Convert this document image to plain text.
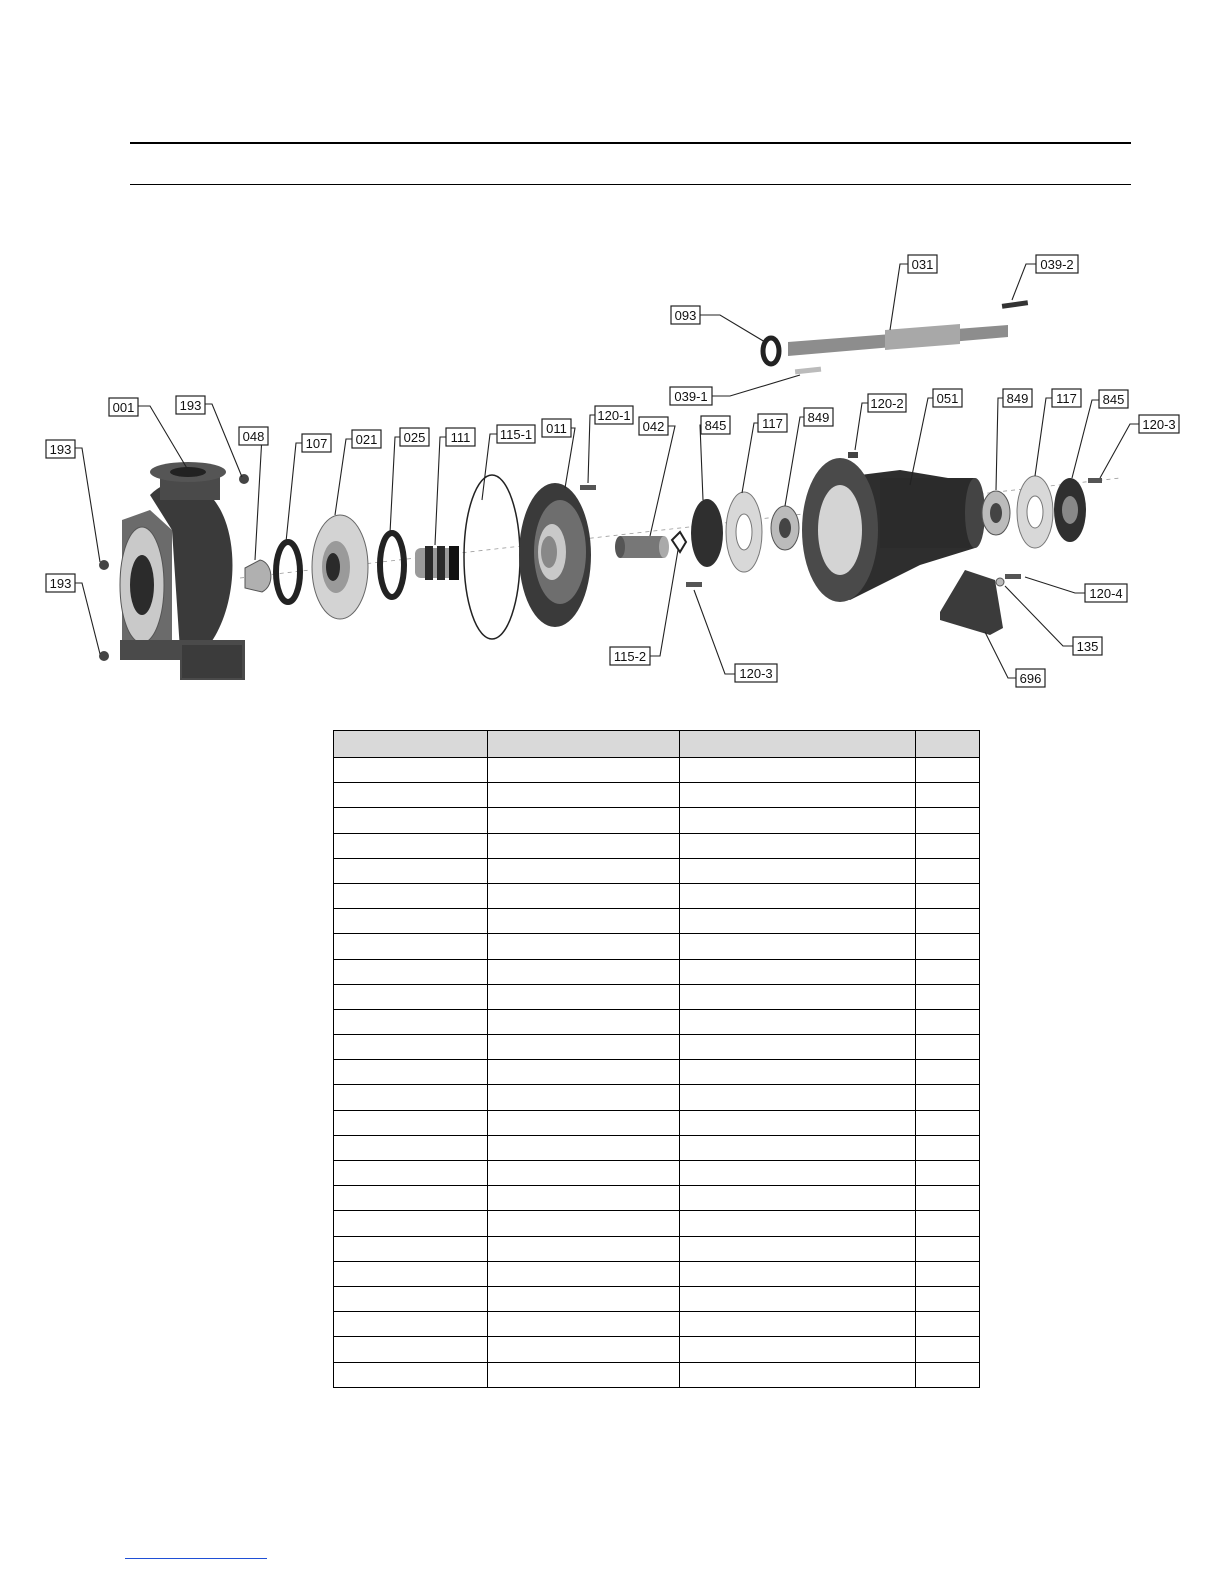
001	193
193
193
048	107 021 025 111 115-1 011
120-1
042	845	117 849
120-2	051	849 117 845
120-3
093
031	039-2
039-1
115-2
120-3
120-4
135
696
